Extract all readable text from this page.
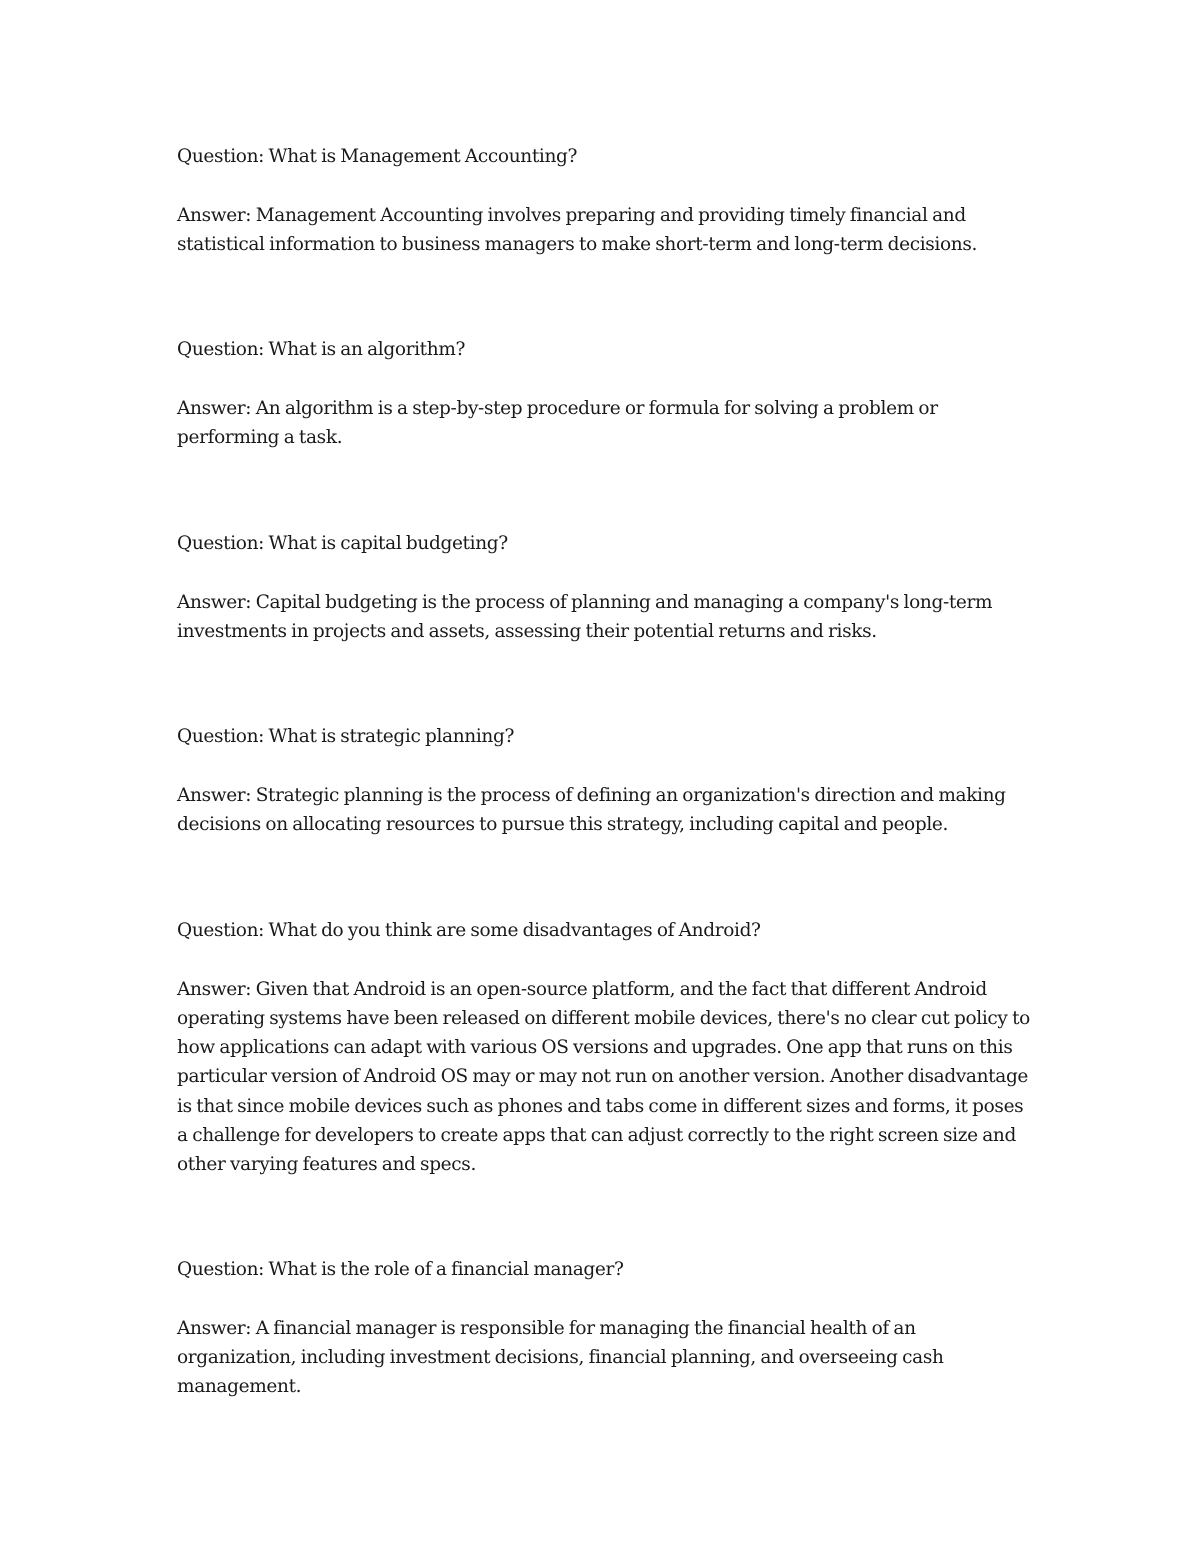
Question: What is Management Accounting?

Answer: Management Accounting involves preparing and providing timely financial and statistical information to business managers to make short-term and long-term decisions.

Question: What is an algorithm?

Answer: An algorithm is a step-by-step procedure or formula for solving a problem or performing a task.

Question: What is capital budgeting?

Answer: Capital budgeting is the process of planning and managing a company's long-term investments in projects and assets, assessing their potential returns and risks.

Question: What is strategic planning?

Answer: Strategic planning is the process of defining an organization's direction and making decisions on allocating resources to pursue this strategy, including capital and people.

Question: What do you think are some disadvantages of Android?

Answer: Given that Android is an open-source platform, and the fact that different Android operating systems have been released on different mobile devices, there's no clear cut policy to how applications can adapt with various OS versions and upgrades. One app that runs on this particular version of Android OS may or may not run on another version. Another disadvantage is that since mobile devices such as phones and tabs come in different sizes and forms, it poses a challenge for developers to create apps that can adjust correctly to the right screen size and other varying features and specs.

Question: What is the role of a financial manager?

Answer: A financial manager is responsible for managing the financial health of an organization, including investment decisions, financial planning, and overseeing cash management.
